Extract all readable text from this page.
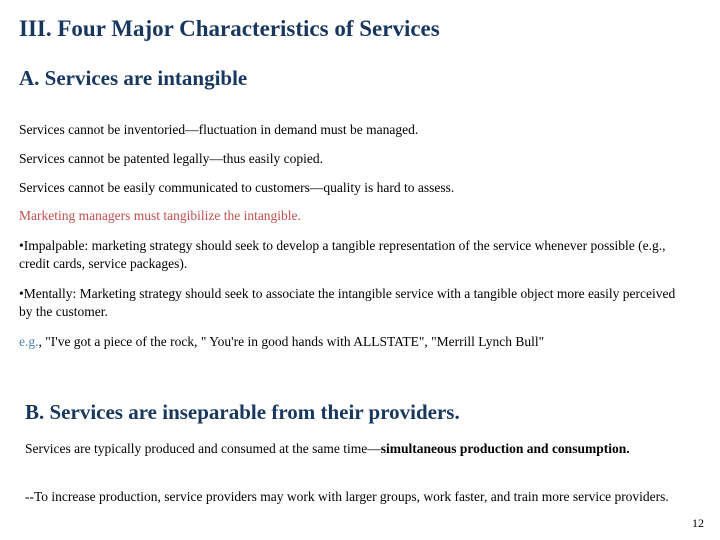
III. Four Major Characteristics of Services
A. Services are intangible
Services cannot be inventoried—fluctuation in demand must be managed.
Services cannot be patented legally—thus easily copied.
Services cannot be easily communicated to customers—quality is hard to assess.
Marketing managers must tangibilize the intangible.
•Impalpable: marketing strategy should seek to develop a tangible representation of the service whenever possible (e.g., credit cards, service packages).
•Mentally: Marketing strategy should seek to associate the intangible service with a tangible object more easily perceived by the customer.
e.g., "I've got a piece of the rock, " You're in good hands with ALLSTATE", "Merrill Lynch Bull"
B. Services are inseparable from their providers.
Services are typically produced and consumed at the same time—simultaneous production and consumption.
--To increase production, service providers may work with larger groups, work faster, and train more service providers.
12
